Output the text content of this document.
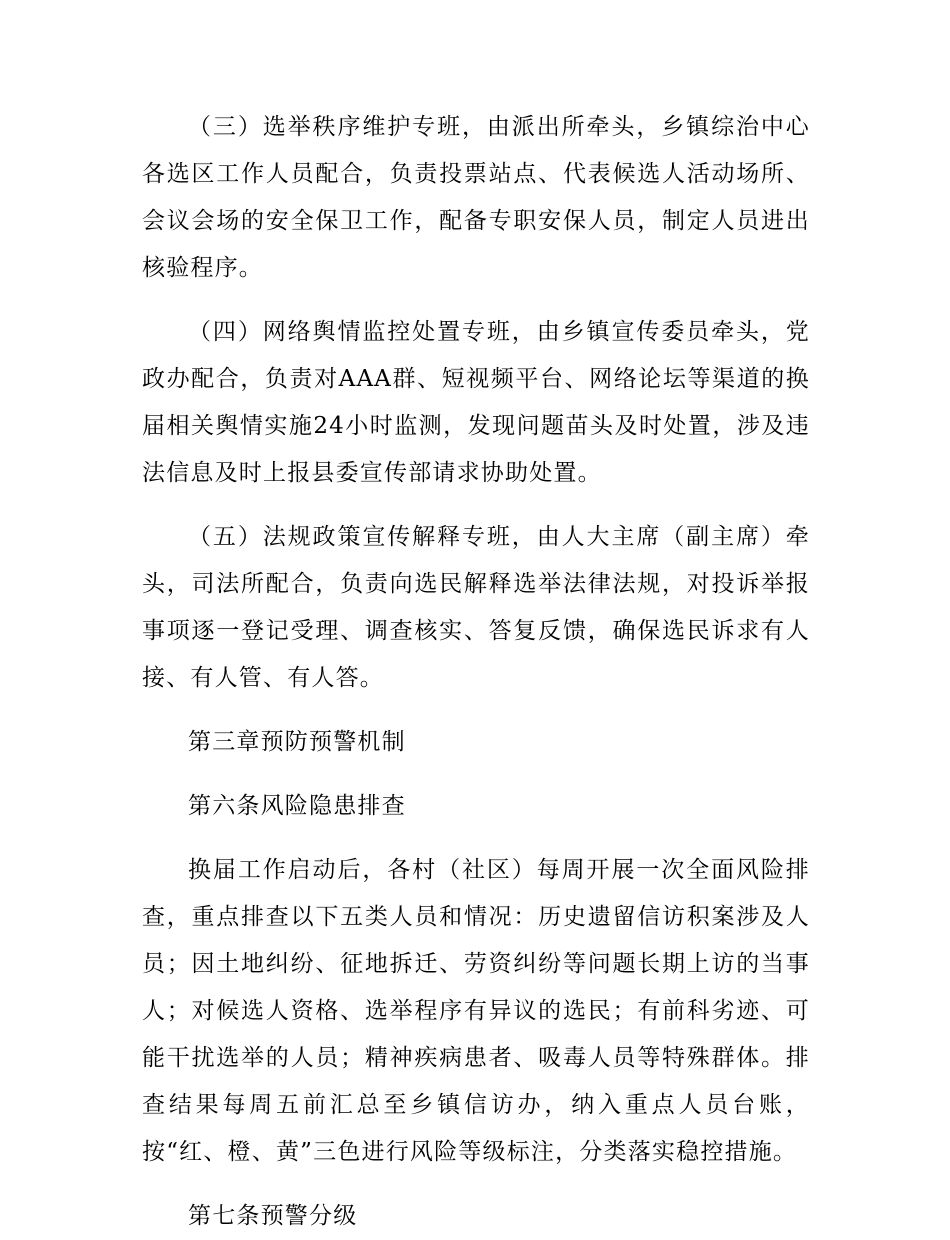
（三）选举秩序维护专班，由派出所牵头，乡镇综治中心各选区工作人员配合，负责投票站点、代表候选人活动场所、会议会场的安全保卫工作，配备专职安保人员，制定人员进出核验程序。

（四）网络舆情监控处置专班，由乡镇宣传委员牵头，党政办配合，负责对AAA群、短视频平台、网络论坛等渠道的换届相关舆情实施24小时监测，发现问题苗头及时处置，涉及违法信息及时上报县委宣传部请求协助处置。

（五）法规政策宣传解释专班，由人大主席（副主席）牵头，司法所配合，负责向选民解释选举法律法规，对投诉举报事项逐一登记受理、调查核实、答复反馈，确保选民诉求有人接、有人管、有人答。

第三章预防预警机制

第六条风险隐患排查

换届工作启动后，各村（社区）每周开展一次全面风险排查，重点排查以下五类人员和情况：历史遗留信访积案涉及人员；因土地纠纷、征地拆迁、劳资纠纷等问题长期上访的当事人；对候选人资格、选举程序有异议的选民；有前科劣迹、可能干扰选举的人员；精神疾病患者、吸毒人员等特殊群体。排查结果每周五前汇总至乡镇信访办，纳入重点人员台账，按“红、橙、黄”三色进行风险等级标注，分类落实稳控措施。

第七条预警分级
